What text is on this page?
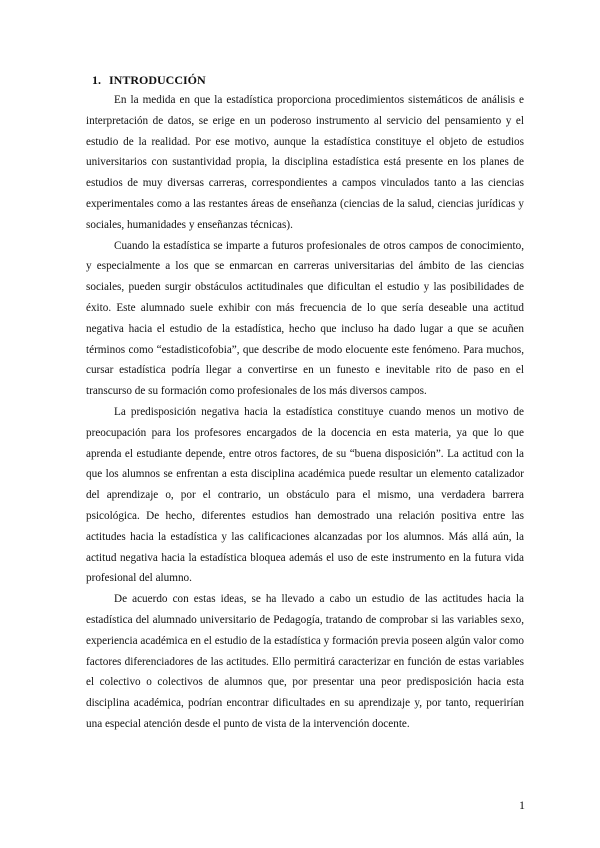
1. INTRODUCCIÓN

En la medida en que la estadística proporciona procedimientos sistemáticos de análisis e interpretación de datos, se erige en un poderoso instrumento al servicio del pensamiento y el estudio de la realidad. Por ese motivo, aunque la estadística constituye el objeto de estudios universitarios con sustantividad propia, la disciplina estadística está presente en los planes de estudios de muy diversas carreras, correspondientes a campos vinculados tanto a las ciencias experimentales como a las restantes áreas de enseñanza (ciencias de la salud, ciencias jurídicas y sociales, humanidades y enseñanzas técnicas).

Cuando la estadística se imparte a futuros profesionales de otros campos de conocimiento, y especialmente a los que se enmarcan en carreras universitarias del ámbito de las ciencias sociales, pueden surgir obstáculos actitudinales que dificultan el estudio y las posibilidades de éxito. Este alumnado suele exhibir con más frecuencia de lo que sería deseable una actitud negativa hacia el estudio de la estadística, hecho que incluso ha dado lugar a que se acuñen términos como “estadisticofobia”, que describe de modo elocuente este fenómeno. Para muchos, cursar estadística podría llegar a convertirse en un funesto e inevitable rito de paso en el transcurso de su formación como profesionales de los más diversos campos.

La predisposición negativa hacia la estadística constituye cuando menos un motivo de preocupación para los profesores encargados de la docencia en esta materia, ya que lo que aprenda el estudiante depende, entre otros factores, de su “buena disposición”. La actitud con la que los alumnos se enfrentan a esta disciplina académica puede resultar un elemento catalizador del aprendizaje o, por el contrario, un obstáculo para el mismo, una verdadera barrera psicológica. De hecho, diferentes estudios han demostrado una relación positiva entre las actitudes hacia la estadística y las calificaciones alcanzadas por los alumnos. Más allá aún, la actitud negativa hacia la estadística bloquea además el uso de este instrumento en la futura vida profesional del alumno.

De acuerdo con estas ideas, se ha llevado a cabo un estudio de las actitudes hacia la estadística del alumnado universitario de Pedagogía, tratando de comprobar si las variables sexo, experiencia académica en el estudio de la estadística y formación previa poseen algún valor como factores diferenciadores de las actitudes. Ello permitirá caracterizar en función de estas variables el colectivo o colectivos de alumnos que, por presentar una peor predisposición hacia esta disciplina académica, podrían encontrar dificultades en su aprendizaje y, por tanto, requerirían una especial atención desde el punto de vista de la intervención docente.

1
